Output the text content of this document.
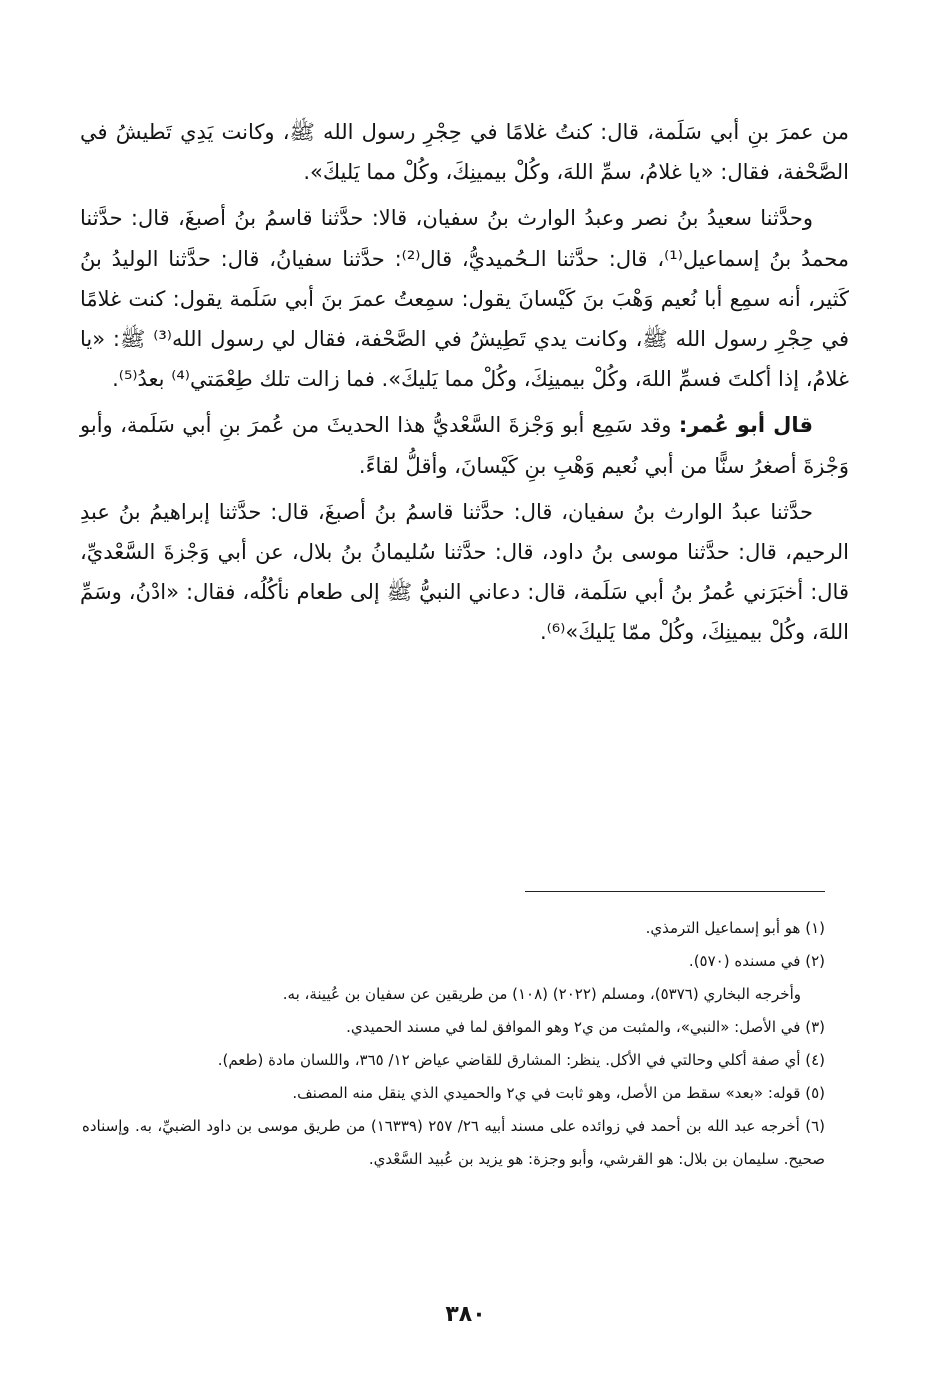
من عمرَ بنِ أبي سَلَمة، قال: كنتُ غلامًا في حِجْرِ رسول الله ﷺ، وكانت يَدِي تَطيشُ في الصَّحْفة، فقال: «يا غلامُ، سمِّ اللهَ، وكُلْ بيمينِكَ، وكُلْ مما يَليكَ».

وحدَّثنا سعيدُ بنُ نصر وعبدُ الوارث بنُ سفيان، قالا: حدَّثنا قاسمُ بنُ أصبغَ، قال: حدَّثنا محمدُ بنُ إسماعيل⁽¹⁾، قال: حدَّثنا الـحُميديُّ، قال⁽²⁾: حدَّثنا سفيانُ، قال: حدَّثنا الوليدُ بنُ كَثير، أنه سمِع أبا نُعيم وَهْبَ بنَ كَيْسانَ يقول: سمِعتُ عمرَ بنَ أبي سَلَمة يقول: كنت غلامًا في حِجْرِ رسول الله ﷺ، وكانت يدي تَطِيشُ في الصَّحْفة، فقال لي رسول الله⁽³⁾ ﷺ: «يا غلامُ، إذا أكلتَ فسمِّ اللهَ، وكُلْ بيمينِكَ، وكُلْ مما يَليكَ». فما زالت تلك طِعْمَتي⁽⁴⁾ بعدُ⁽⁵⁾.

قال أبو عُمر: وقد سَمِع أبو وَجْزةَ السَّعْديُّ هذا الحديثَ من عُمرَ بنِ أبي سَلَمة، وأبو وَجْزةَ أصغرُ سنًّا من أبي نُعيم وَهْبِ بنِ كَيْسانَ، وأقلُّ لقاءً.

حدَّثنا عبدُ الوارث بنُ سفيان، قال: حدَّثنا قاسمُ بنُ أصبغَ، قال: حدَّثنا إبراهيمُ بنُ عبدِ الرحيم، قال: حدَّثنا موسى بنُ داود، قال: حدَّثنا سُليمانُ بنُ بلال، عن أبي وَجْزةَ السَّعْديِّ، قال: أخبَرَني عُمرُ بنُ أبي سَلَمة، قال: دعاني النبيُّ ﷺ إلى طعام نأكُلُه، فقال: «ادْنُ، وسَمِّ اللهَ، وكُلْ بيمينِكَ، وكُلْ ممّا يَليكَ»⁽⁶⁾.

(١) هو أبو إسماعيل الترمذي.

(٢) في مسنده (٥٧٠).

وأخرجه البخاري (٥٣٧٦)، ومسلم (٢٠٢٢) (١٠٨) من طريقين عن سفيان بن عُيينة، به.

(٣) في الأصل: «النبي»، والمثبت من ي٢ وهو الموافق لما في مسند الحميدي.

(٤) أي صفة أكلي وحالتي في الأكل. ينظر: المشارق للقاضي عياض ١٢/ ٣٦٥، واللسان مادة (طعم).

(٥) قوله: «بعد» سقط من الأصل، وهو ثابت في ي٢ والحميدي الذي ينقل منه المصنف.

(٦) أخرجه عبد الله بن أحمد في زوائده على مسند أبيه ٢٦/ ٢٥٧ (١٦٣٣٩) من طريق موسى بن داود الضبيِّ، به. وإسناده صحيح. سليمان بن بلال: هو القرشي، وأبو وجزة: هو يزيد بن عُبيد السَّعْدي.

٣٨٠
